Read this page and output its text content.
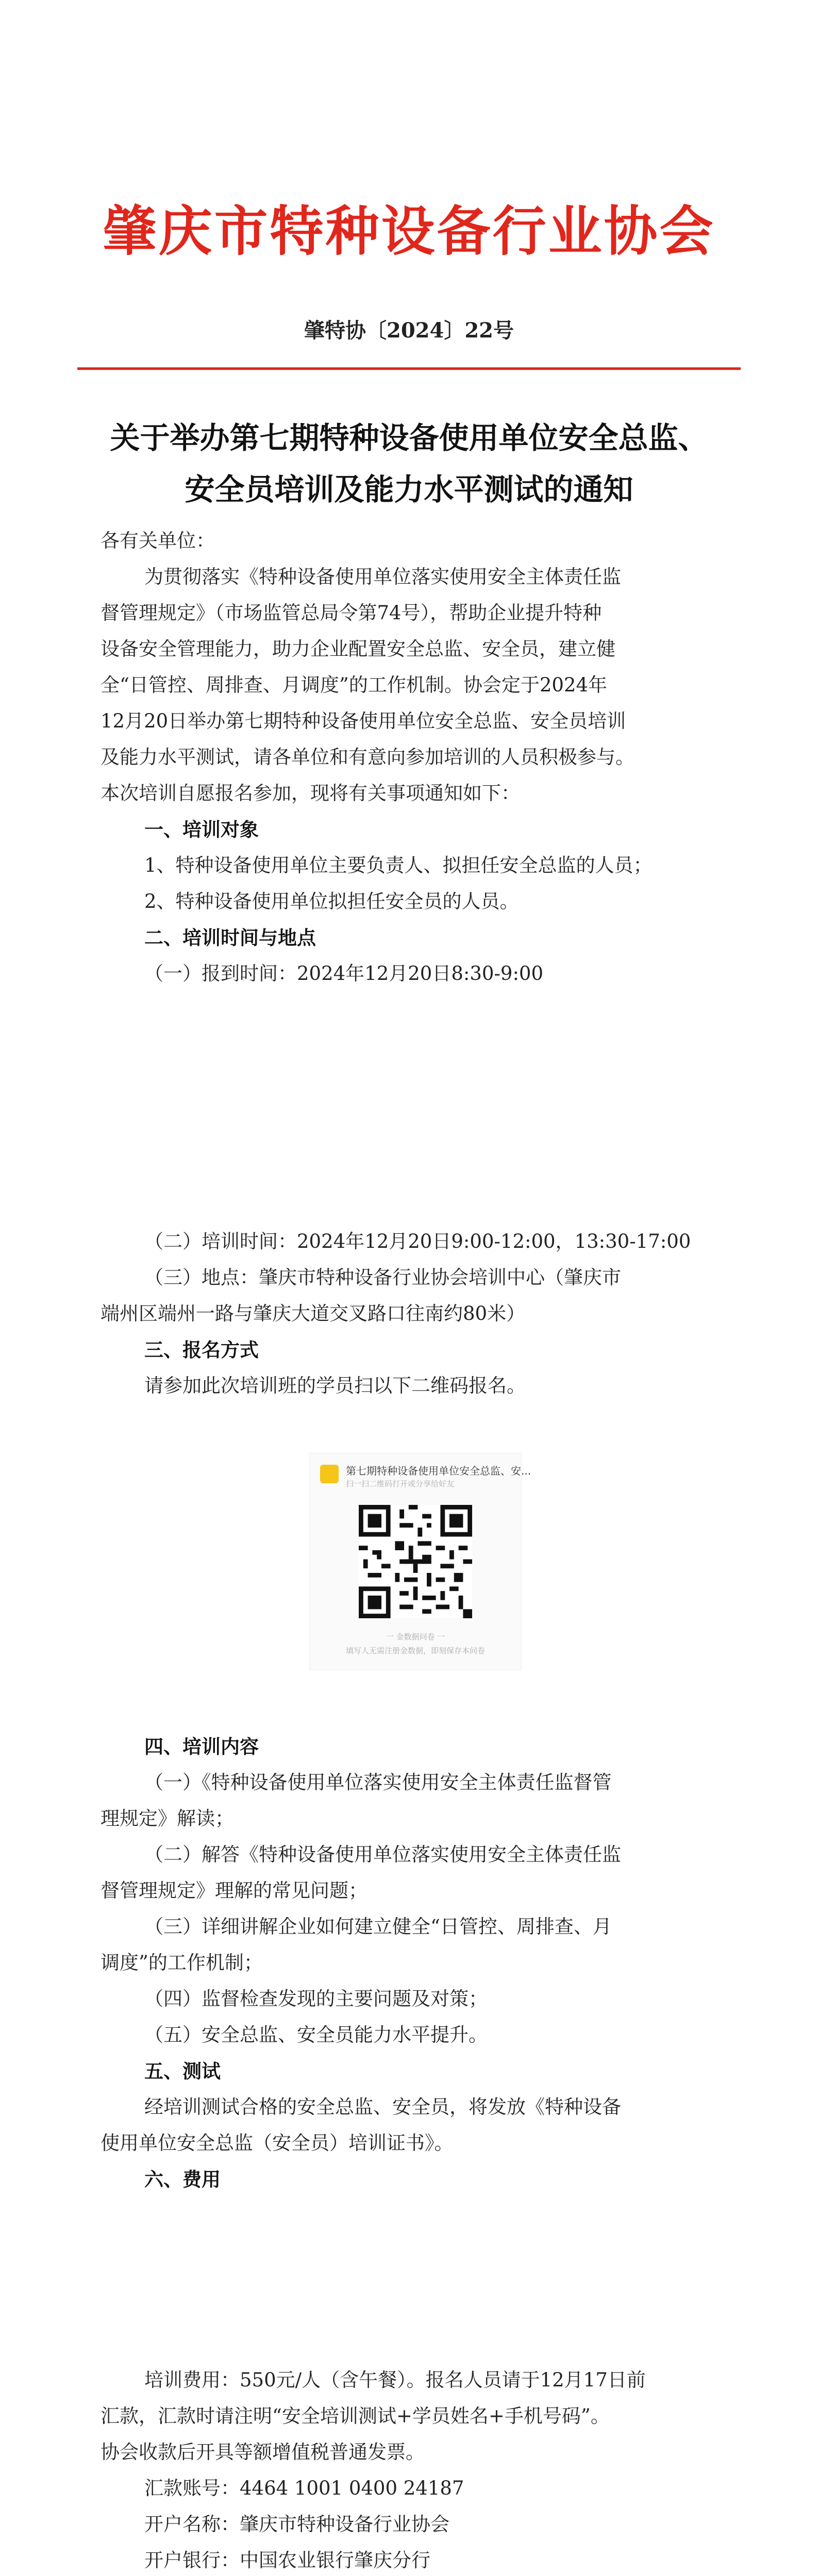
肇庆市特种设备行业协会
肇特协〔2024〕22号
关于举办第七期特种设备使用单位安全总监、
安全员培训及能力水平测试的通知
各有关单位：
为贯彻落实《特种设备使用单位落实使用安全主体责任监
督管理规定》（市场监管总局令第74号），帮助企业提升特种
设备安全管理能力，助力企业配置安全总监、安全员，建立健
全“日管控、周排查、月调度”的工作机制。协会定于2024年
12月20日举办第七期特种设备使用单位安全总监、安全员培训
及能力水平测试，请各单位和有意向参加培训的人员积极参与。
本次培训自愿报名参加，现将有关事项通知如下：
一、培训对象
1、特种设备使用单位主要负责人、拟担任安全总监的人员；
2、特种设备使用单位拟担任安全员的人员。
二、培训时间与地点
（一）报到时间：2024年12月20日8:30-9:00
（二）培训时间：2024年12月20日9:00-12:00，13:30-17:00
（三）地点：肇庆市特种设备行业协会培训中心（肇庆市
端州区端州一路与肇庆大道交叉路口往南约80米）
三、报名方式
请参加此次培训班的学员扫以下二维码报名。
第七期特种设备使用单位安全总监、安...
扫一扫二维码打开或分享给好友
一 金数据问卷 一
填写人无需注册金数据，即刻保存本问卷
四、培训内容
（一）《特种设备使用单位落实使用安全主体责任监督管
理规定》解读；
（二）解答《特种设备使用单位落实使用安全主体责任监
督管理规定》理解的常见问题；
（三）详细讲解企业如何建立健全“日管控、周排查、月
调度”的工作机制；
（四）监督检查发现的主要问题及对策；
（五）安全总监、安全员能力水平提升。
五、测试
经培训测试合格的安全总监、安全员，将发放《特种设备
使用单位安全总监（安全员）培训证书》。
六、费用
培训费用：550元/人（含午餐）。报名人员请于12月17日前
汇款，汇款时请注明“安全培训测试+学员姓名+手机号码”。
协会收款后开具等额增值税普通发票。
汇款账号：4464 1001 0400 24187
开户名称：肇庆市特种设备行业协会
开户银行：中国农业银行肇庆分行
